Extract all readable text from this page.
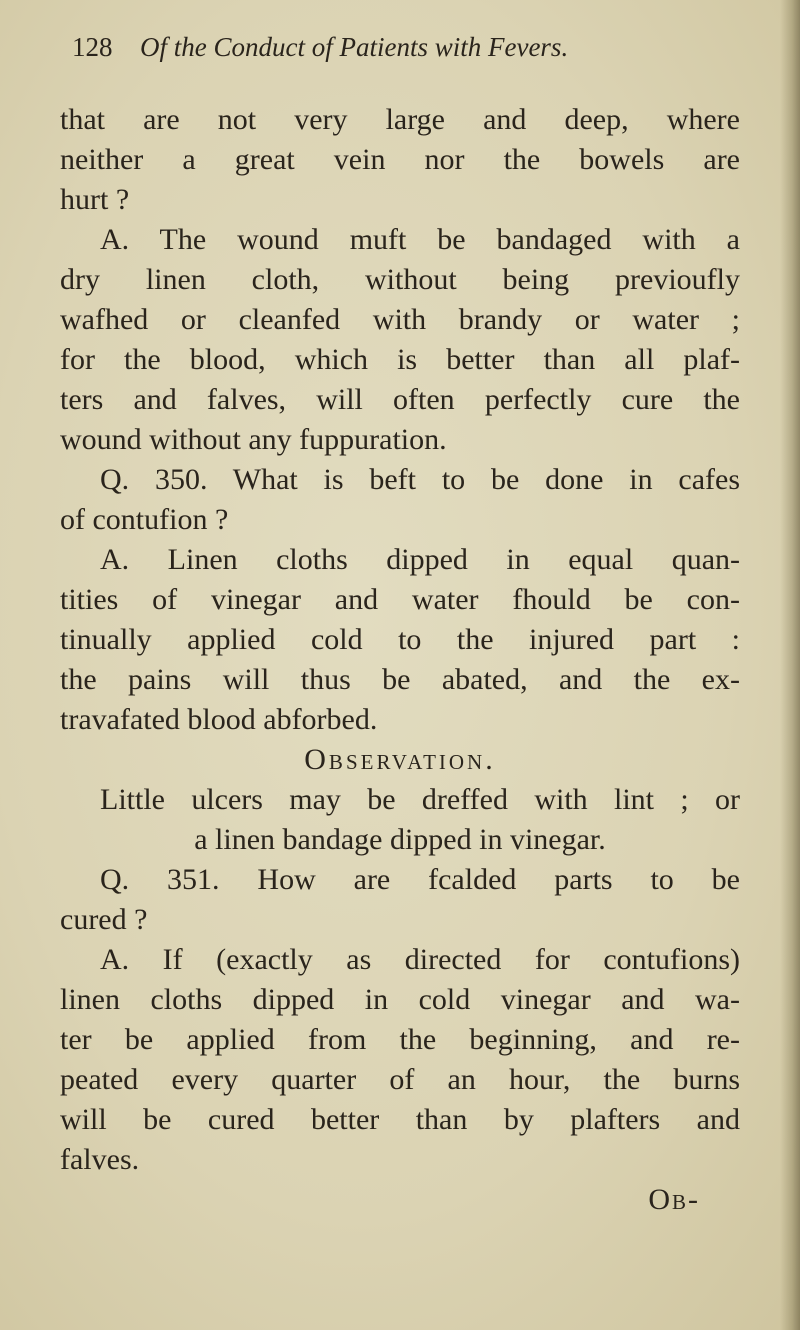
128 Of the Conduct of Patients with Fevers.
that are not very large and deep, where
neither a great vein nor the bowels are
hurt ?
A. The wound muft be bandaged with a
dry linen cloth, without being previoufly
wafhed or cleanfed with brandy or water ;
for the blood, which is better than all plaf-
ters and falves, will often perfectly cure the
wound without any fuppuration.
Q. 350. What is beft to be done in cafes
of contufion ?
A. Linen cloths dipped in equal quan-
tities of vinegar and water fhould be con-
tinually applied cold to the injured part :
the pains will thus be abated, and the ex-
travafated blood abforbed.
Observation.
Little ulcers may be dreffed with lint ; or
a linen bandage dipped in vinegar.
Q. 351. How are fcalded parts to be
cured ?
A. If (exactly as directed for contufions)
linen cloths dipped in cold vinegar and wa-
ter be applied from the beginning, and re-
peated every quarter of an hour, the burns
will be cured better than by plafters and
falves.
Ob-
